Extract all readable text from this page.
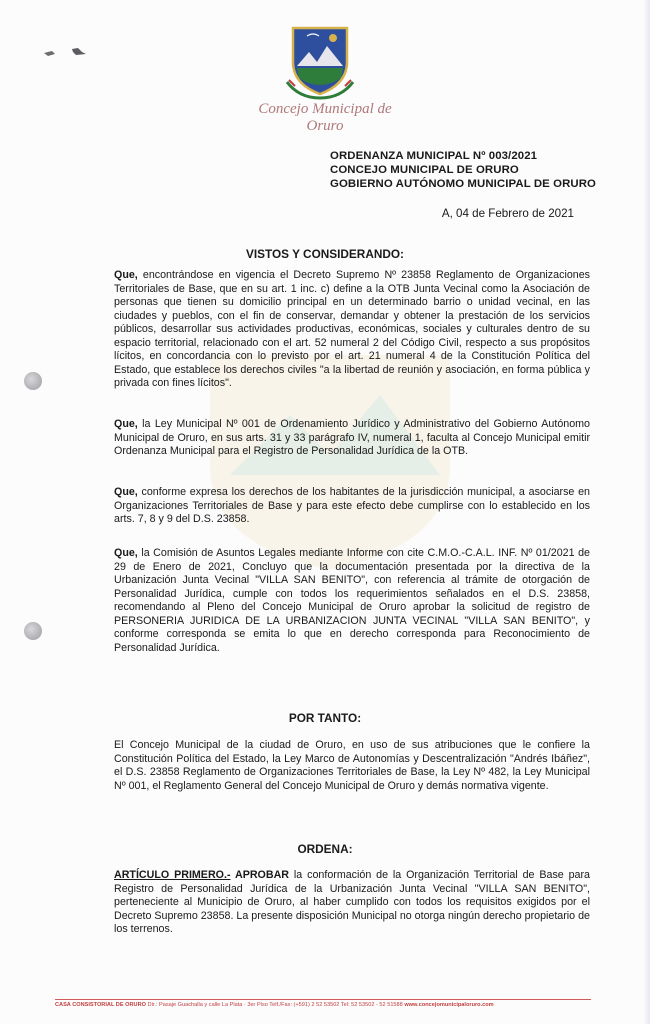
Concejo Municipal de Oruro
ORDENANZA MUNICIPAL Nº 003/2021
CONCEJO MUNICIPAL DE ORURO
GOBIERNO AUTÓNOMO MUNICIPAL DE ORURO
A, 04 de Febrero de 2021
VISTOS Y CONSIDERANDO:
Que, encontrándose en vigencia el Decreto Supremo Nº 23858 Reglamento de Organizaciones Territoriales de Base, que en su art. 1 inc. c) define a la OTB Junta Vecinal como la Asociación de personas que tienen su domicilio principal en un determinado barrio o unidad vecinal, en las ciudades y pueblos, con el fin de conservar, demandar y obtener la prestación de los servicios públicos, desarrollar sus actividades productivas, económicas, sociales y culturales dentro de su espacio territorial, relacionado con el art. 52 numeral 2 del Código Civil, respecto a sus propósitos lícitos, en concordancia con lo previsto por el art. 21 numeral 4 de la Constitución Política del Estado, que establece los derechos civiles "a la libertad de reunión y asociación, en forma pública y privada con fines lícitos".
Que, la Ley Municipal Nº 001 de Ordenamiento Jurídico y Administrativo del Gobierno Autónomo Municipal de Oruro, en sus arts. 31 y 33 parágrafo IV, numeral 1, faculta al Concejo Municipal emitir Ordenanza Municipal para el Registro de Personalidad Jurídica de la OTB.
Que, conforme expresa los derechos de los habitantes de la jurisdicción municipal, a asociarse en Organizaciones Territoriales de Base y para este efecto debe cumplirse con lo establecido en los arts. 7, 8 y 9 del D.S. 23858.
Que, la Comisión de Asuntos Legales mediante Informe con cite C.M.O.-C.A.L. INF. Nº 01/2021 de 29 de Enero de 2021, Concluyo que la documentación presentada por la directiva de la Urbanización Junta Vecinal "VILLA SAN BENITO", con referencia al trámite de otorgación de Personalidad Jurídica, cumple con todos los requerimientos señalados en el D.S. 23858, recomendando al Pleno del Concejo Municipal de Oruro aprobar la solicitud de registro de PERSONERIA JURIDICA DE LA URBANIZACION JUNTA VECINAL "VILLA SAN BENITO", y conforme corresponda se emita lo que en derecho corresponda para Reconocimiento de Personalidad Jurídica.
POR TANTO:
El Concejo Municipal de la ciudad de Oruro, en uso de sus atribuciones que le confiere la Constitución Política del Estado, la Ley Marco de Autonomías y Descentralización "Andrés Ibáñez", el D.S. 23858 Reglamento de Organizaciones Territoriales de Base, la Ley Nº 482, la Ley Municipal Nº 001, el Reglamento General del Concejo Municipal de Oruro y demás normativa vigente.
ORDENA:
ARTÍCULO PRIMERO.- APROBAR la conformación de la Organización Territorial de Base para Registro de Personalidad Jurídica de la Urbanización Junta Vecinal "VILLA SAN BENITO", perteneciente al Municipio de Oruro, al haber cumplido con todos los requisitos exigidos por el Decreto Supremo 23858. La presente disposición Municipal no otorga ningún derecho propietario de los terrenos.
CASA CONSISTORIAL DE ORURO Dir.: Pasaje Guachalla y calle La Plata · 3er Piso Telf./Fax: (+591) 2 52 53502 Tel: 52 53502 - 52 51588 www.concejomunicipaloruro.com
